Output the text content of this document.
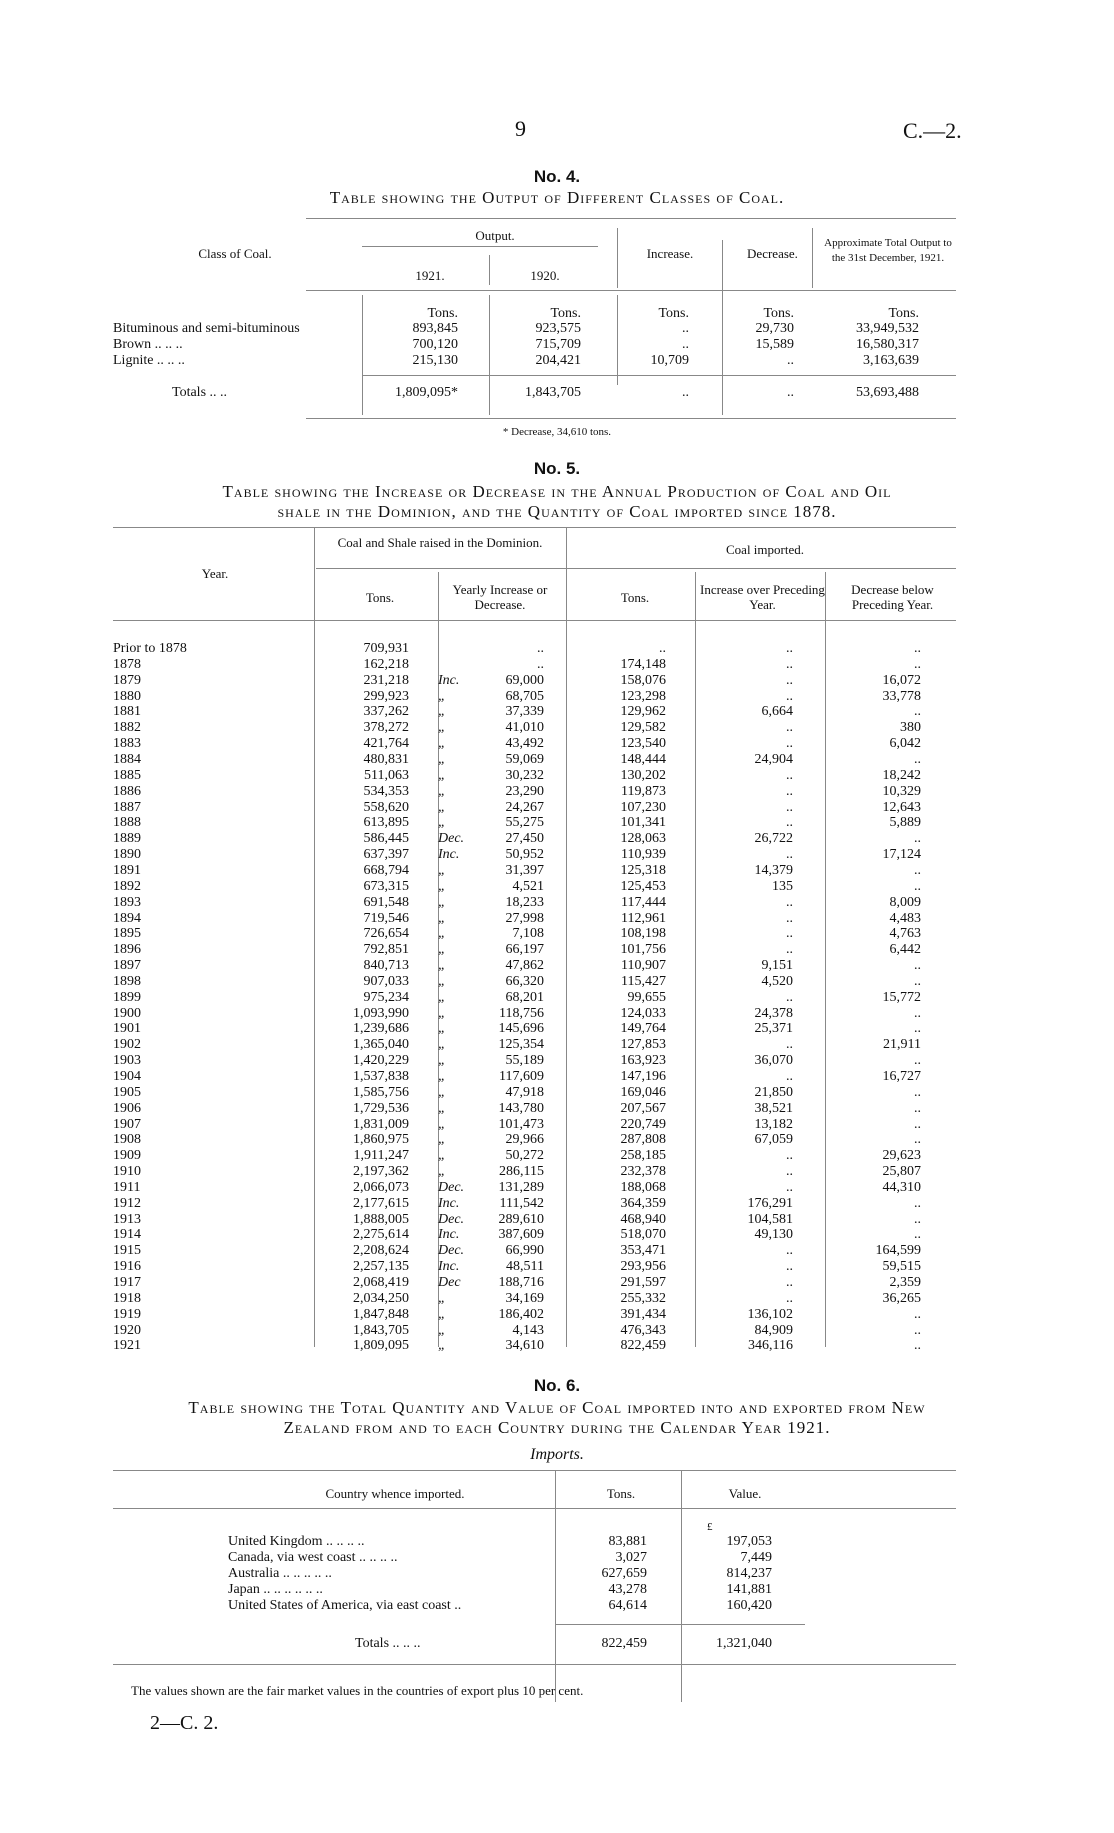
9	C.—2.
No. 4.
Table showing the Output of Different Classes of Coal.
Class of Coal.
Output.
1921.	1920.
Increase.	Decrease.
Approximate Total Output to the 31st December, 1921.
Tons.	Tons.	Tons.	Tons.	Tons.
Bituminous and semi-bituminous	893,845	923,575	..	29,730	33,949,532
Brown .. .. ..	700,120	715,709	..	15,589	16,580,317
Lignite .. .. ..	215,130	204,421	10,709	..	3,163,639
Totals .. ..	1,809,095*	1,843,705	..	..	53,693,488
* Decrease, 34,610 tons.
No. 5.
Table showing the Increase or Decrease in the Annual Production of Coal and Oil
shale in the Dominion, and the Quantity of Coal imported since 1878.
Coal and Shale raised in the Dominion.	Coal imported.
Year.
Tons.
Yearly Increase or Decrease.	Tons.
Increase over Preceding Year.
Decrease below Preceding Year.
Prior to 1878	709,931	..	..	..	..
1878	162,218	..	174,148	..	..
1879	231,218 Inc.	69,000	158,076	..	16,072
1880	299,923 „	68,705	123,298	..	33,778
1881	337,262 „	37,339	129,962	6,664	..
1882	378,272 „	41,010	129,582	..	380
1883	421,764 „	43,492	123,540	..	6,042
1884	480,831 „	59,069	148,444	24,904	..
1885	511,063 „	30,232	130,202	..	18,242
1886	534,353 „	23,290	119,873	..	10,329
1887	558,620 „	24,267	107,230	..	12,643
1888	613,895 „	55,275	101,341	..	5,889
1889	586,445 Dec.	27,450	128,063	26,722	..
1890	637,397 Inc.	50,952	110,939	..	17,124
1891	668,794 „	31,397	125,318	14,379	..
1892	673,315 „	4,521	125,453	135	..
1893	691,548 „	18,233	117,444	..	8,009
1894	719,546 „	27,998	112,961	..	4,483
1895	726,654 „	7,108	108,198	..	4,763
1896	792,851 „	66,197	101,756	..	6,442
1897	840,713 „	47,862	110,907	9,151	..
1898	907,033 „	66,320	115,427	4,520	..
1899	975,234 „	68,201	99,655	..	15,772
1900	1,093,990 „	118,756	124,033	24,378	..
1901	1,239,686 „	145,696	149,764	25,371	..
1902	1,365,040 „	125,354	127,853	..	21,911
1903	1,420,229 „	55,189	163,923	36,070	..
1904	1,537,838 „	117,609	147,196	..	16,727
1905	1,585,756 „	47,918	169,046	21,850	..
1906	1,729,536 „	143,780	207,567	38,521	..
1907	1,831,009 „	101,473	220,749	13,182	..
1908	1,860,975 „	29,966	287,808	67,059	..
1909	1,911,247 „	50,272	258,185	..	29,623
1910	2,197,362 „	286,115	232,378	..	25,807
1911	2,066,073 Dec.	131,289	188,068	..	44,310
1912	2,177,615 Inc.	111,542	364,359	176,291	..
1913	1,888,005 Dec.	289,610	468,940	104,581	..
1914	2,275,614 Inc.	387,609	518,070	49,130	..
1915	2,208,624 Dec.	66,990	353,471	..	164,599
1916	2,257,135 Inc.	48,511	293,956	..	59,515
1917	2,068,419 Dec	188,716	291,597	..	2,359
1918	2,034,250 „	34,169	255,332	..	36,265
1919	1,847,848 „	186,402	391,434	136,102	..
1920	1,843,705 „	4,143	476,343	84,909	..
1921	1,809,095 „	34,610	822,459	346,116	..
No. 6.
Table showing the Total Quantity and Value of Coal imported into and exported from New
Zealand from and to each Country during the Calendar Year 1921.
Imports.
Country whence imported.	Tons.	Value.
£
United Kingdom .. .. .. ..	83,881	197,053
Canada, via west coast .. .. .. ..	3,027	7,449
Australia .. .. .. .. ..	627,659	814,237
Japan .. .. .. .. .. ..	43,278	141,881
United States of America, via east coast ..	64,614	160,420
Totals .. .. ..	822,459	1,321,040
The values shown are the fair market values in the countries of export plus 10 per cent.
2—C. 2.
